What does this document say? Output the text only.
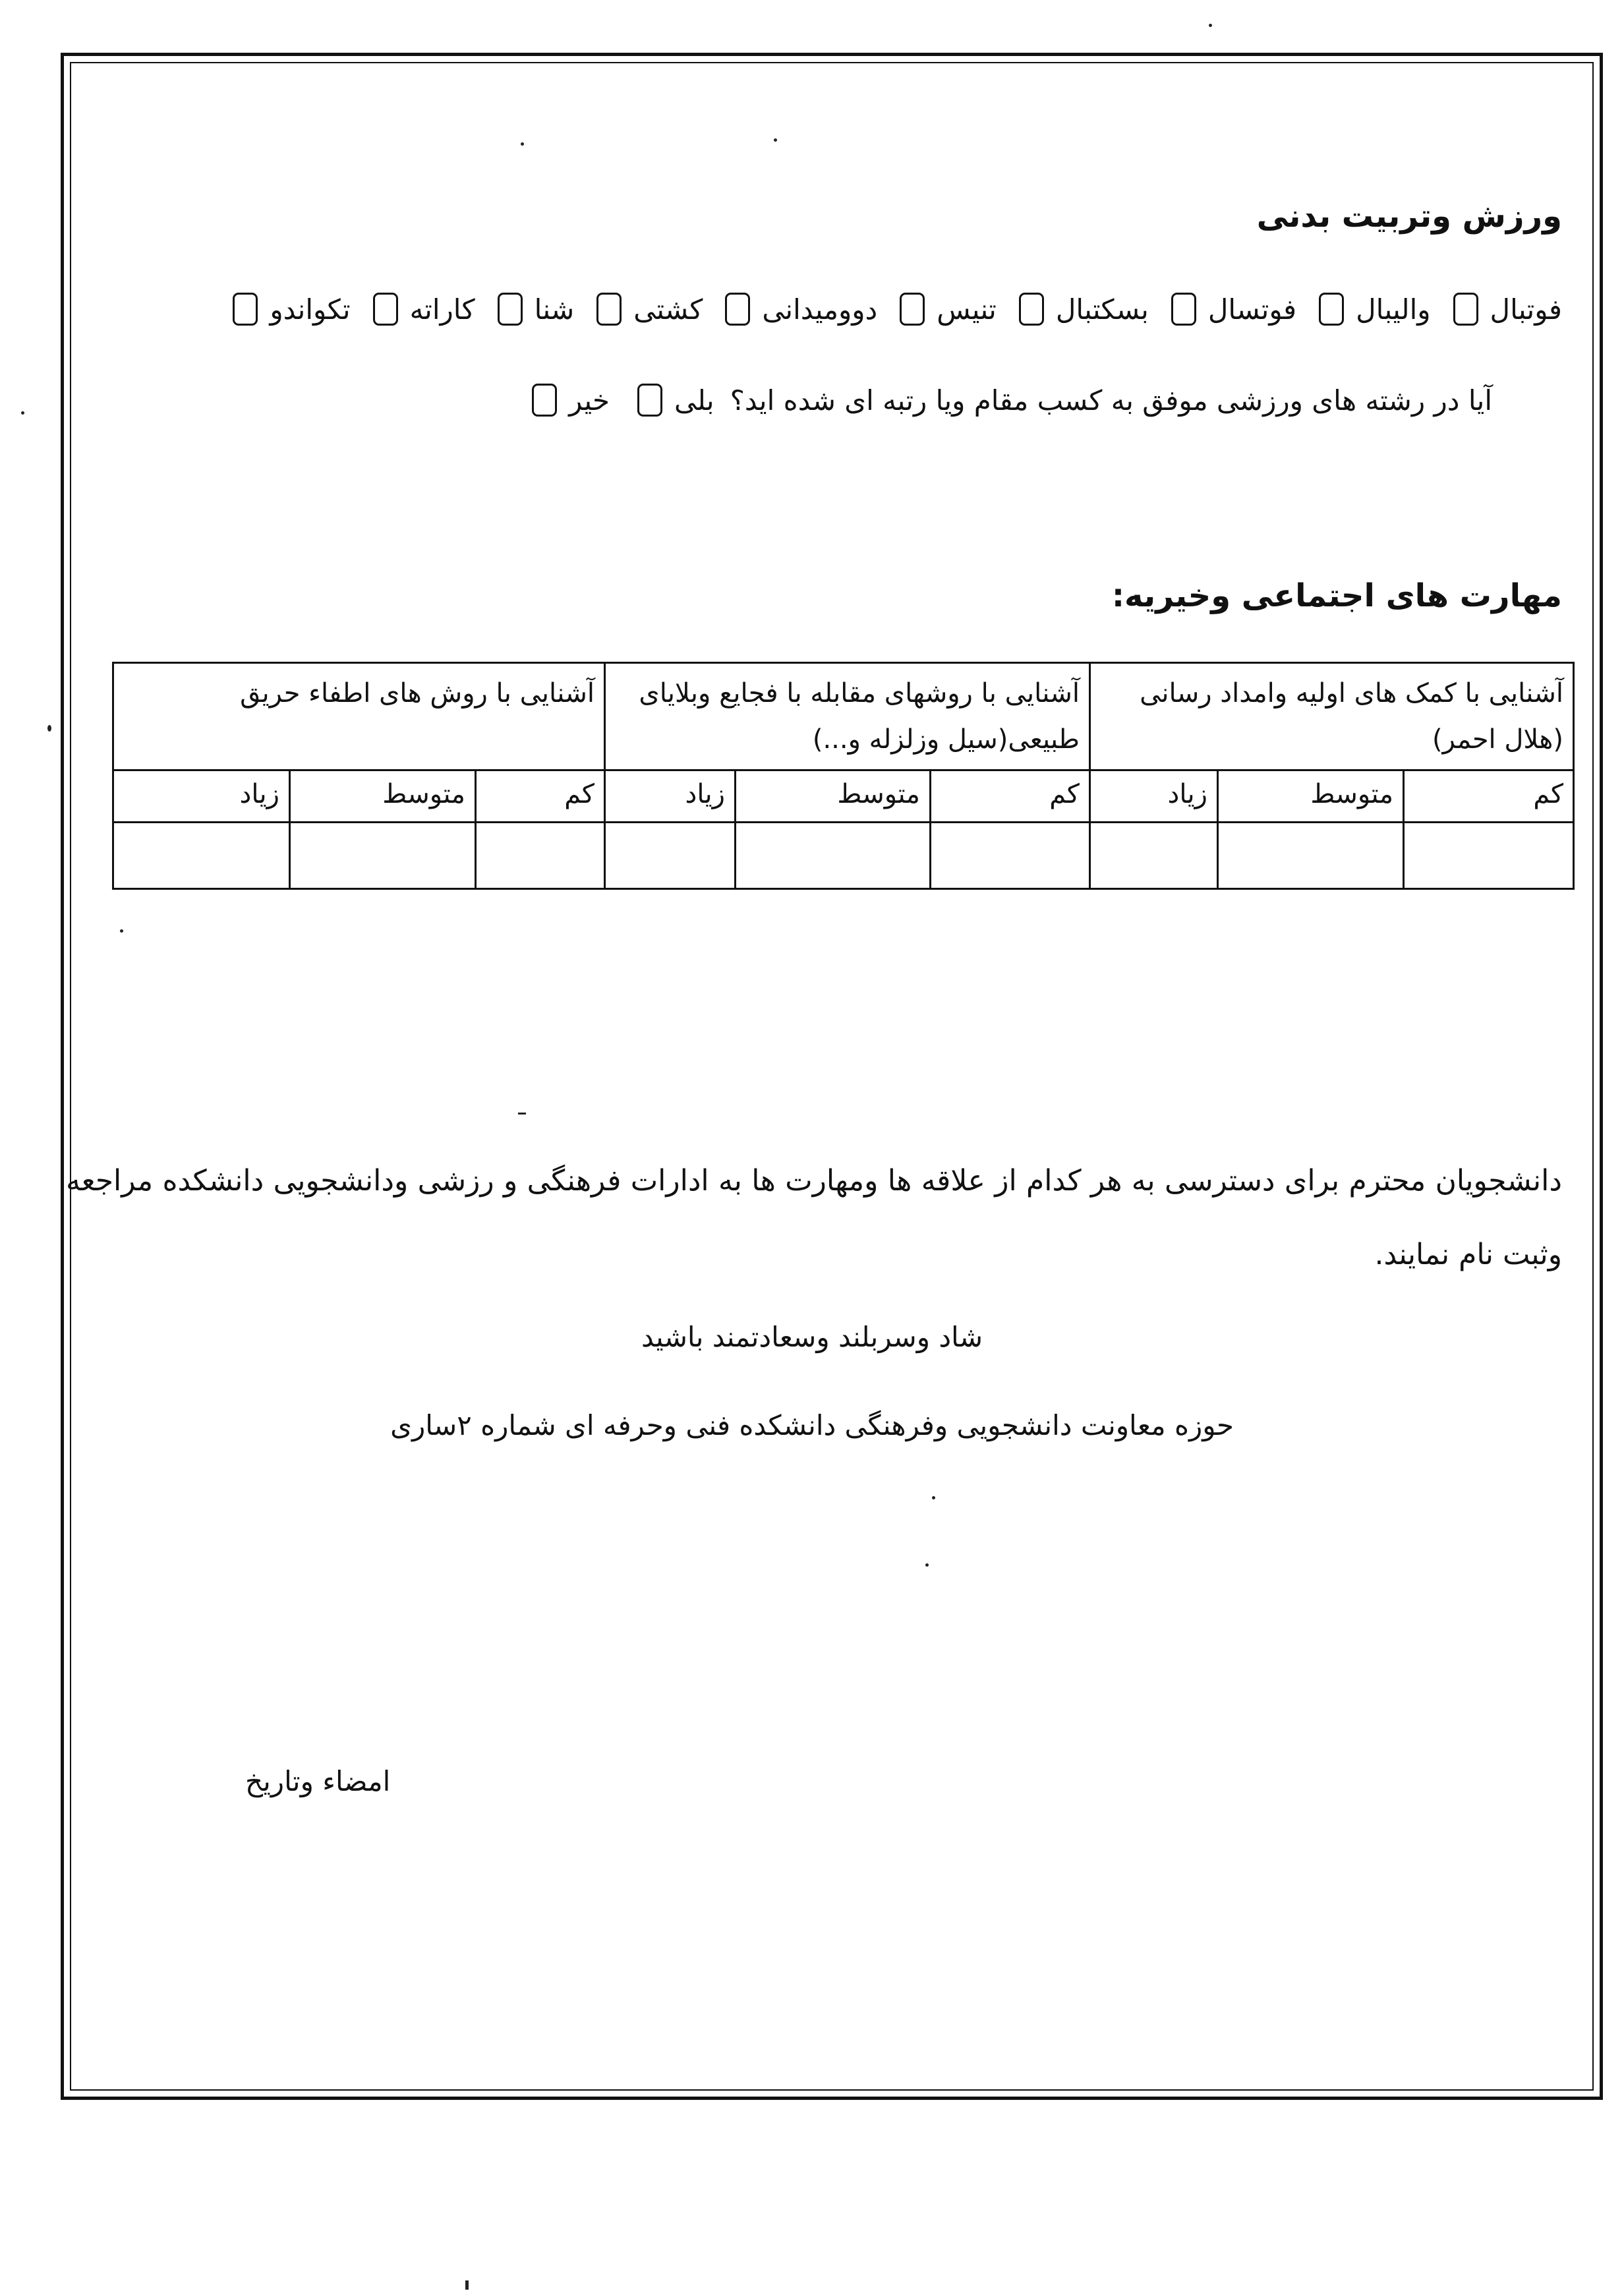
ورزش وتربیت بدنی
فوتبال
والیبال
فوتسال
بسکتبال
تنیس
دوومیدانی
کشتی
شنا
کاراته
تکواندو
آیا در رشته های ورزشی موفق به کسب مقام ویا رتبه ای شده اید؟
بلی
خیر
مهارت های اجتماعی وخیریه:
آشنایی با کمک های اولیه وامداد رسانی (هلال احمر)			آشنایی با روشهای مقابله با فجایع وبلایای طبیعی(سیل وزلزله و...)			آشنایی با روش های اطفاء حریق		
کم	متوسط	زیاد	کم	متوسط	زیاد	کم	متوسط	زیاد

دانشجویان محترم برای دسترسی به هر کدام از علاقه ها ومهارت ها به ادارات فرهنگی و رزشی ودانشجویی دانشکده مراجعه وثبت نام نمایند.
شاد وسربلند وسعادتمند باشید
حوزه معاونت دانشجویی وفرهنگی دانشکده فنی وحرفه ای شماره ۲ساری
امضاء وتاریخ
